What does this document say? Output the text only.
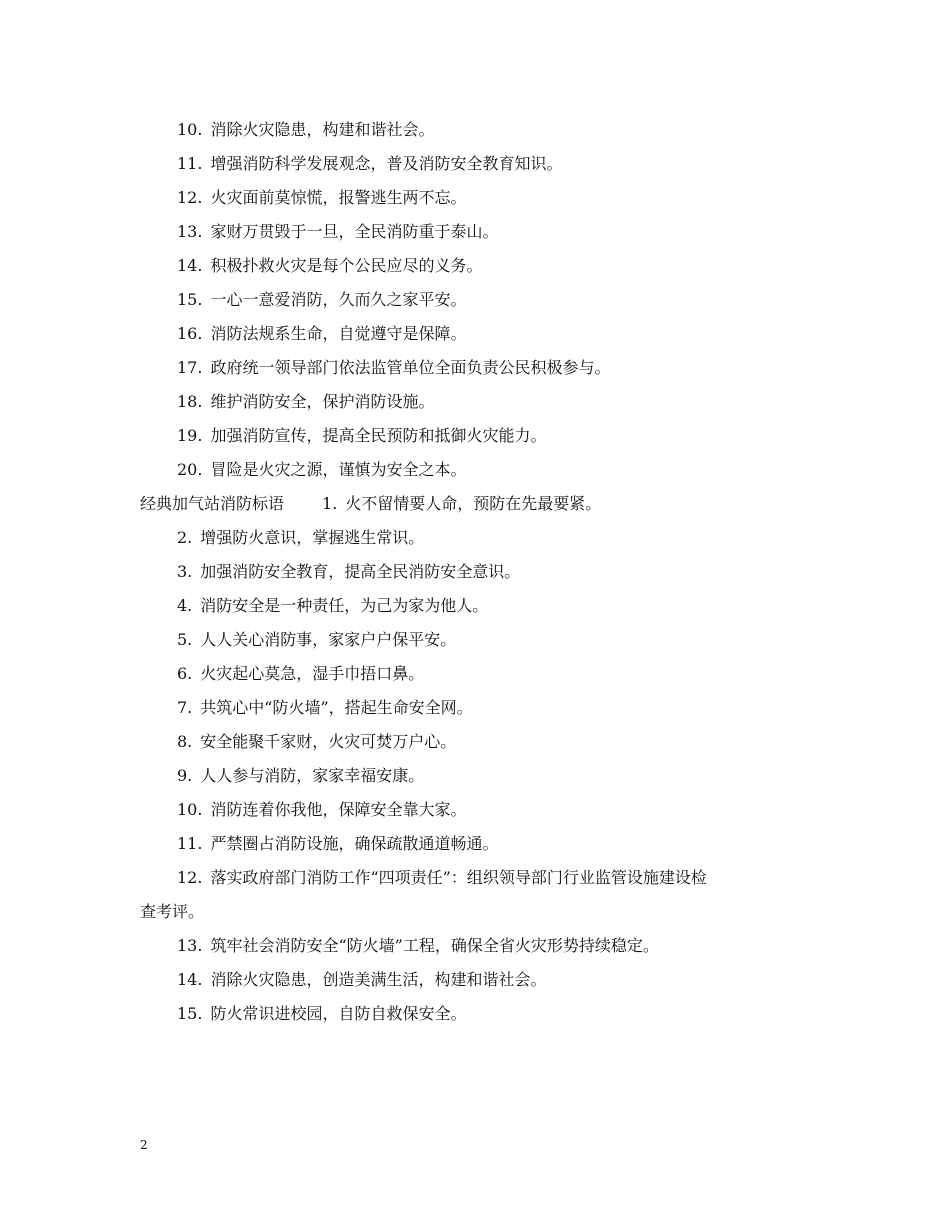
10. 消除火灾隐患，构建和谐社会。
11. 增强消防科学发展观念，普及消防安全教育知识。
12. 火灾面前莫惊慌，报警逃生两不忘。
13. 家财万贯毁于一旦，全民消防重于泰山。
14. 积极扑救火灾是每个公民应尽的义务。
15. 一心一意爱消防，久而久之家平安。
16. 消防法规系生命，自觉遵守是保障。
17. 政府统一领导部门依法监管单位全面负责公民积极参与。
18. 维护消防安全，保护消防设施。
19. 加强消防宣传，提高全民预防和抵御火灾能力。
20. 冒险是火灾之源，谨慎为安全之本。
经典加气站消防标语 1. 火不留情要人命，预防在先最要紧。
2. 增强防火意识，掌握逃生常识。
3. 加强消防安全教育，提高全民消防安全意识。
4. 消防安全是一种责任，为己为家为他人。
5. 人人关心消防事，家家户户保平安。
6. 火灾起心莫急，湿手巾捂口鼻。
7. 共筑心中“防火墙”，搭起生命安全网。
8. 安全能聚千家财，火灾可焚万户心。
9. 人人参与消防，家家幸福安康。
10. 消防连着你我他，保障安全靠大家。
11. 严禁圈占消防设施，确保疏散通道畅通。
12. 落实政府部门消防工作“四项责任”：组织领导部门行业监管设施建设检
查考评。
13. 筑牢社会消防安全“防火墙”工程，确保全省火灾形势持续稳定。
14. 消除火灾隐患，创造美满生活，构建和谐社会。
15. 防火常识进校园，自防自救保安全。
2
